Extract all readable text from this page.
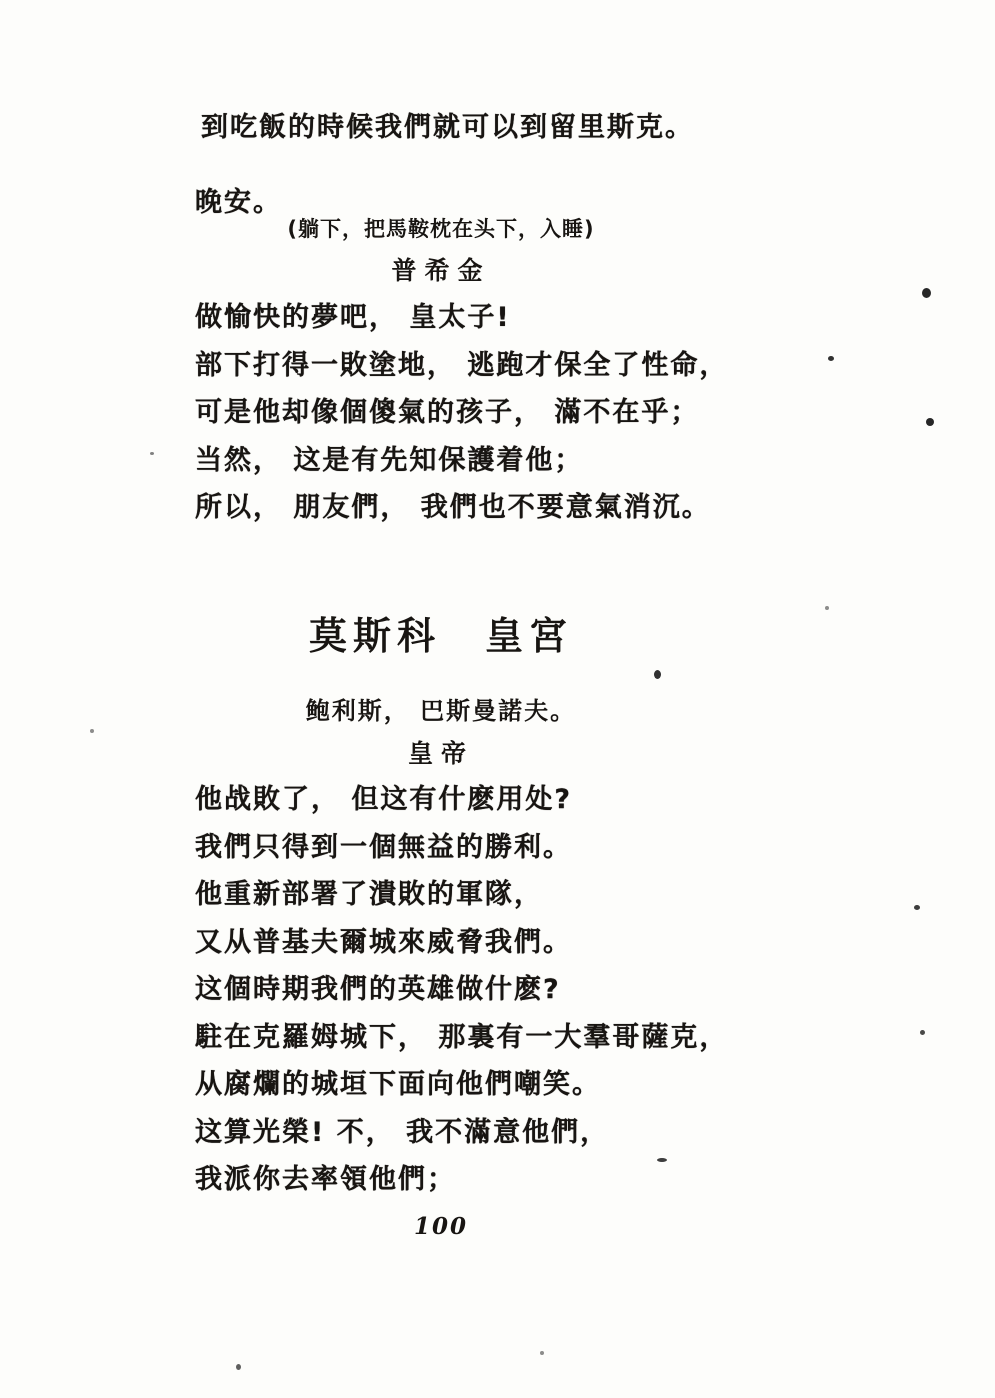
到吃飯的時候我們就可以到留里斯克。
晚安。
(躺下，把馬鞍枕在头下，入睡)
普希金
做愉快的夢吧， 皇太子!
部下打得一敗塗地， 逃跑才保全了性命，
可是他却像個傻氣的孩子， 滿不在乎；
当然， 这是有先知保護着他；
所以， 朋友們， 我們也不要意氣消沉。
莫斯科　皇宮
鲍利斯， 巴斯曼諾夫。
皇帝
他战敗了， 但这有什麽用处?
我們只得到一個無益的勝利。
他重新部署了潰敗的軍隊，
又从普基夫爾城來威脅我們。
这個時期我們的英雄做什麽?
駐在克羅姆城下， 那裏有一大羣哥薩克，
从腐爛的城垣下面向他們嘲笑。
这算光榮! 不， 我不滿意他們，
我派你去率領他們；
100
